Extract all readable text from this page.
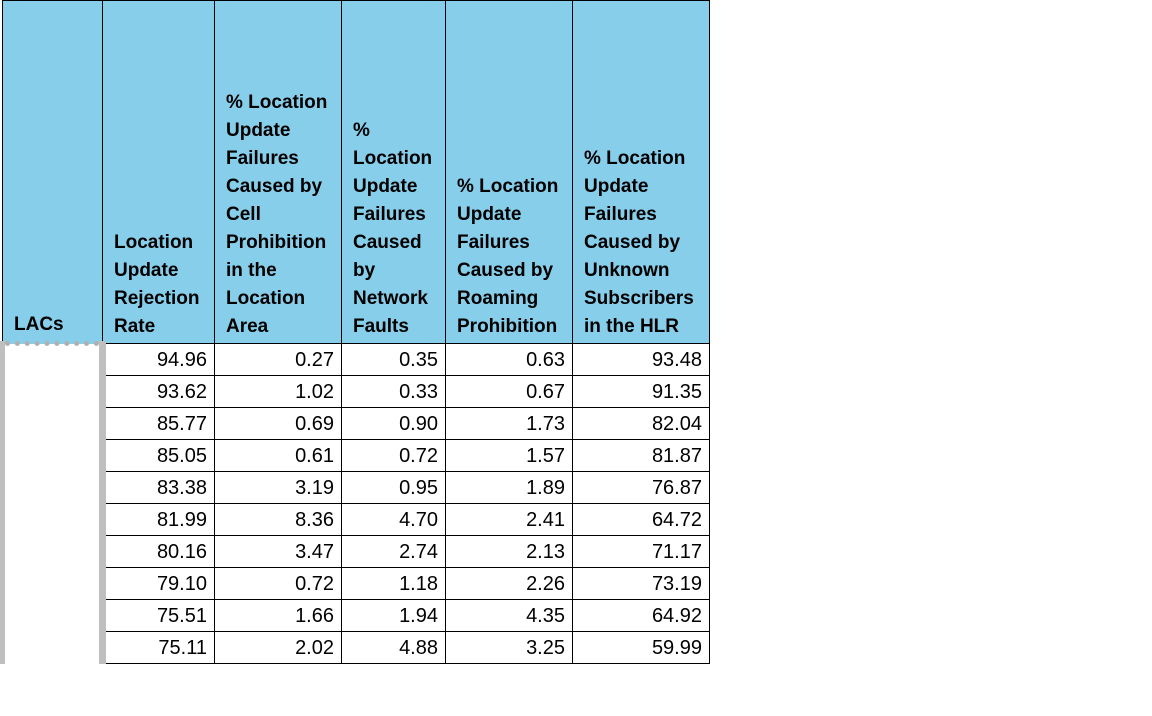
LACs	Location Update Rejection Rate	% Location Update Failures Caused by Cell Prohibition in the Location Area	% Location Update Failures Caused by Network Faults	% Location Update Failures Caused by Roaming Prohibition	% Location Update Failures Caused by Unknown Subscribers in the HLR
	94.96	0.27	0.35	0.63	93.48
	93.62	1.02	0.33	0.67	91.35
	85.77	0.69	0.90	1.73	82.04
	85.05	0.61	0.72	1.57	81.87
	83.38	3.19	0.95	1.89	76.87
	81.99	8.36	4.70	2.41	64.72
	80.16	3.47	2.74	2.13	71.17
	79.10	0.72	1.18	2.26	73.19
	75.51	1.66	1.94	4.35	64.92
	75.11	2.02	4.88	3.25	59.99
